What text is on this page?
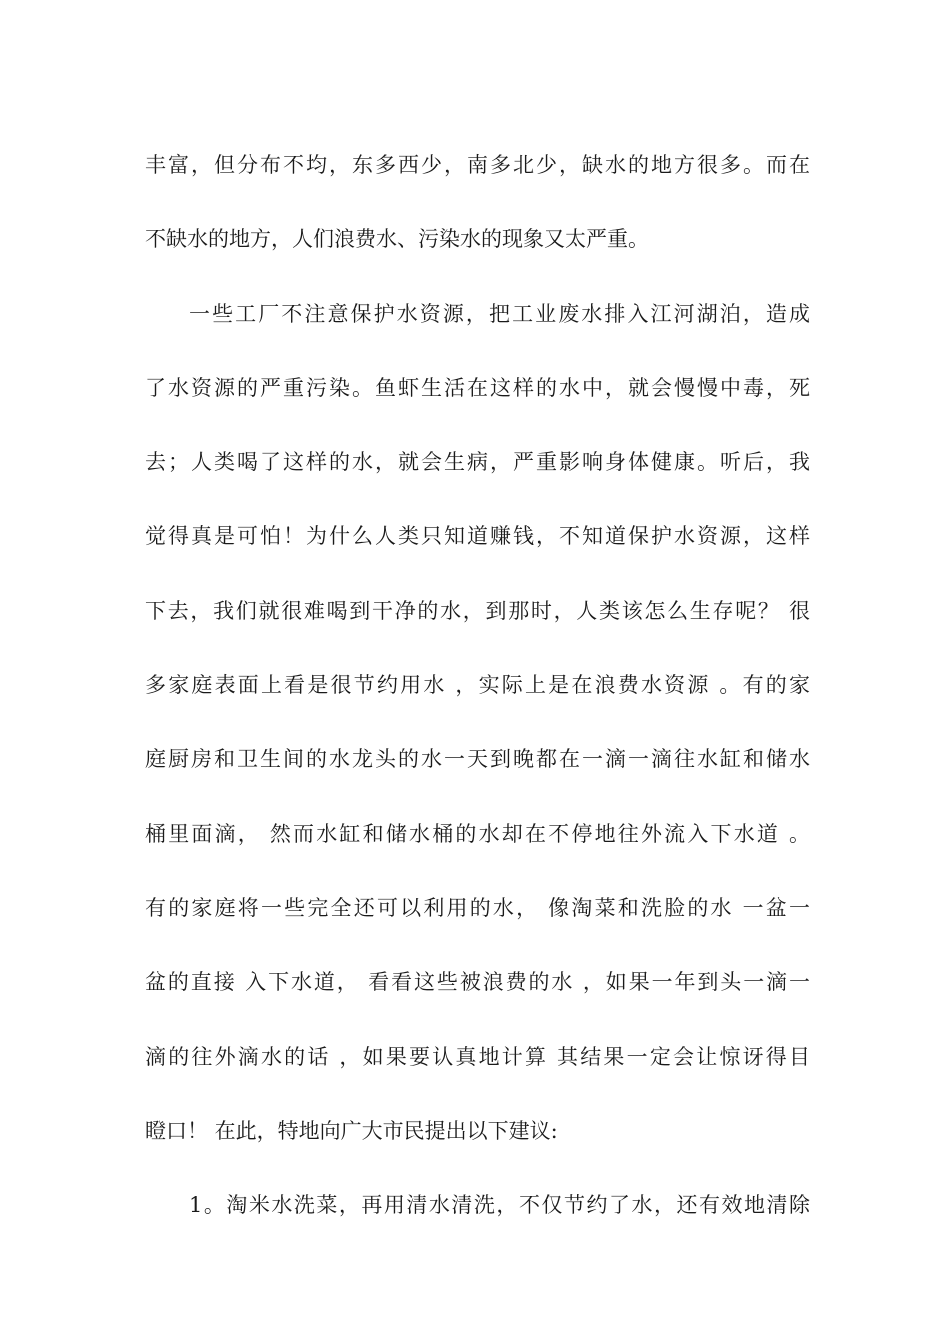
丰富，但分布不均，东多西少，南多北少，缺水的地方很多。而在
不缺水的地方，人们浪费水、污染水的现象又太严重。
一些工厂不注意保护水资源，把工业废水排入江河湖泊，造成
了水资源的严重污染。鱼虾生活在这样的水中，就会慢慢中毒，死
去；人类喝了这样的水，就会生病，严重影响身体健康。听后，我
觉得真是可怕！为什么人类只知道赚钱，不知道保护水资源，这样
下去，我们就很难喝到干净的水，到那时，人类该怎么生存呢？ 很
多家庭表面上看是很节约用水 ，实际上是在浪费水资源 。有的家
庭厨房和卫生间的水龙头的水一天到晚都在一滴一滴往水缸和储水
桶里面滴， 然而水缸和储水桶的水却在不停地往外流入下水道 。
有的家庭将一些完全还可以利用的水， 像淘菜和洗脸的水 一盆一
盆的直接 入下水道， 看看这些被浪费的水 ，如果一年到头一滴一
滴的往外滴水的话 ，如果要认真地计算 其结果一定会让惊讶得目
瞪口！ 在此，特地向广大市民提出以下建议:
1。淘米水洗菜，再用清水清洗，不仅节约了水，还有效地清除
